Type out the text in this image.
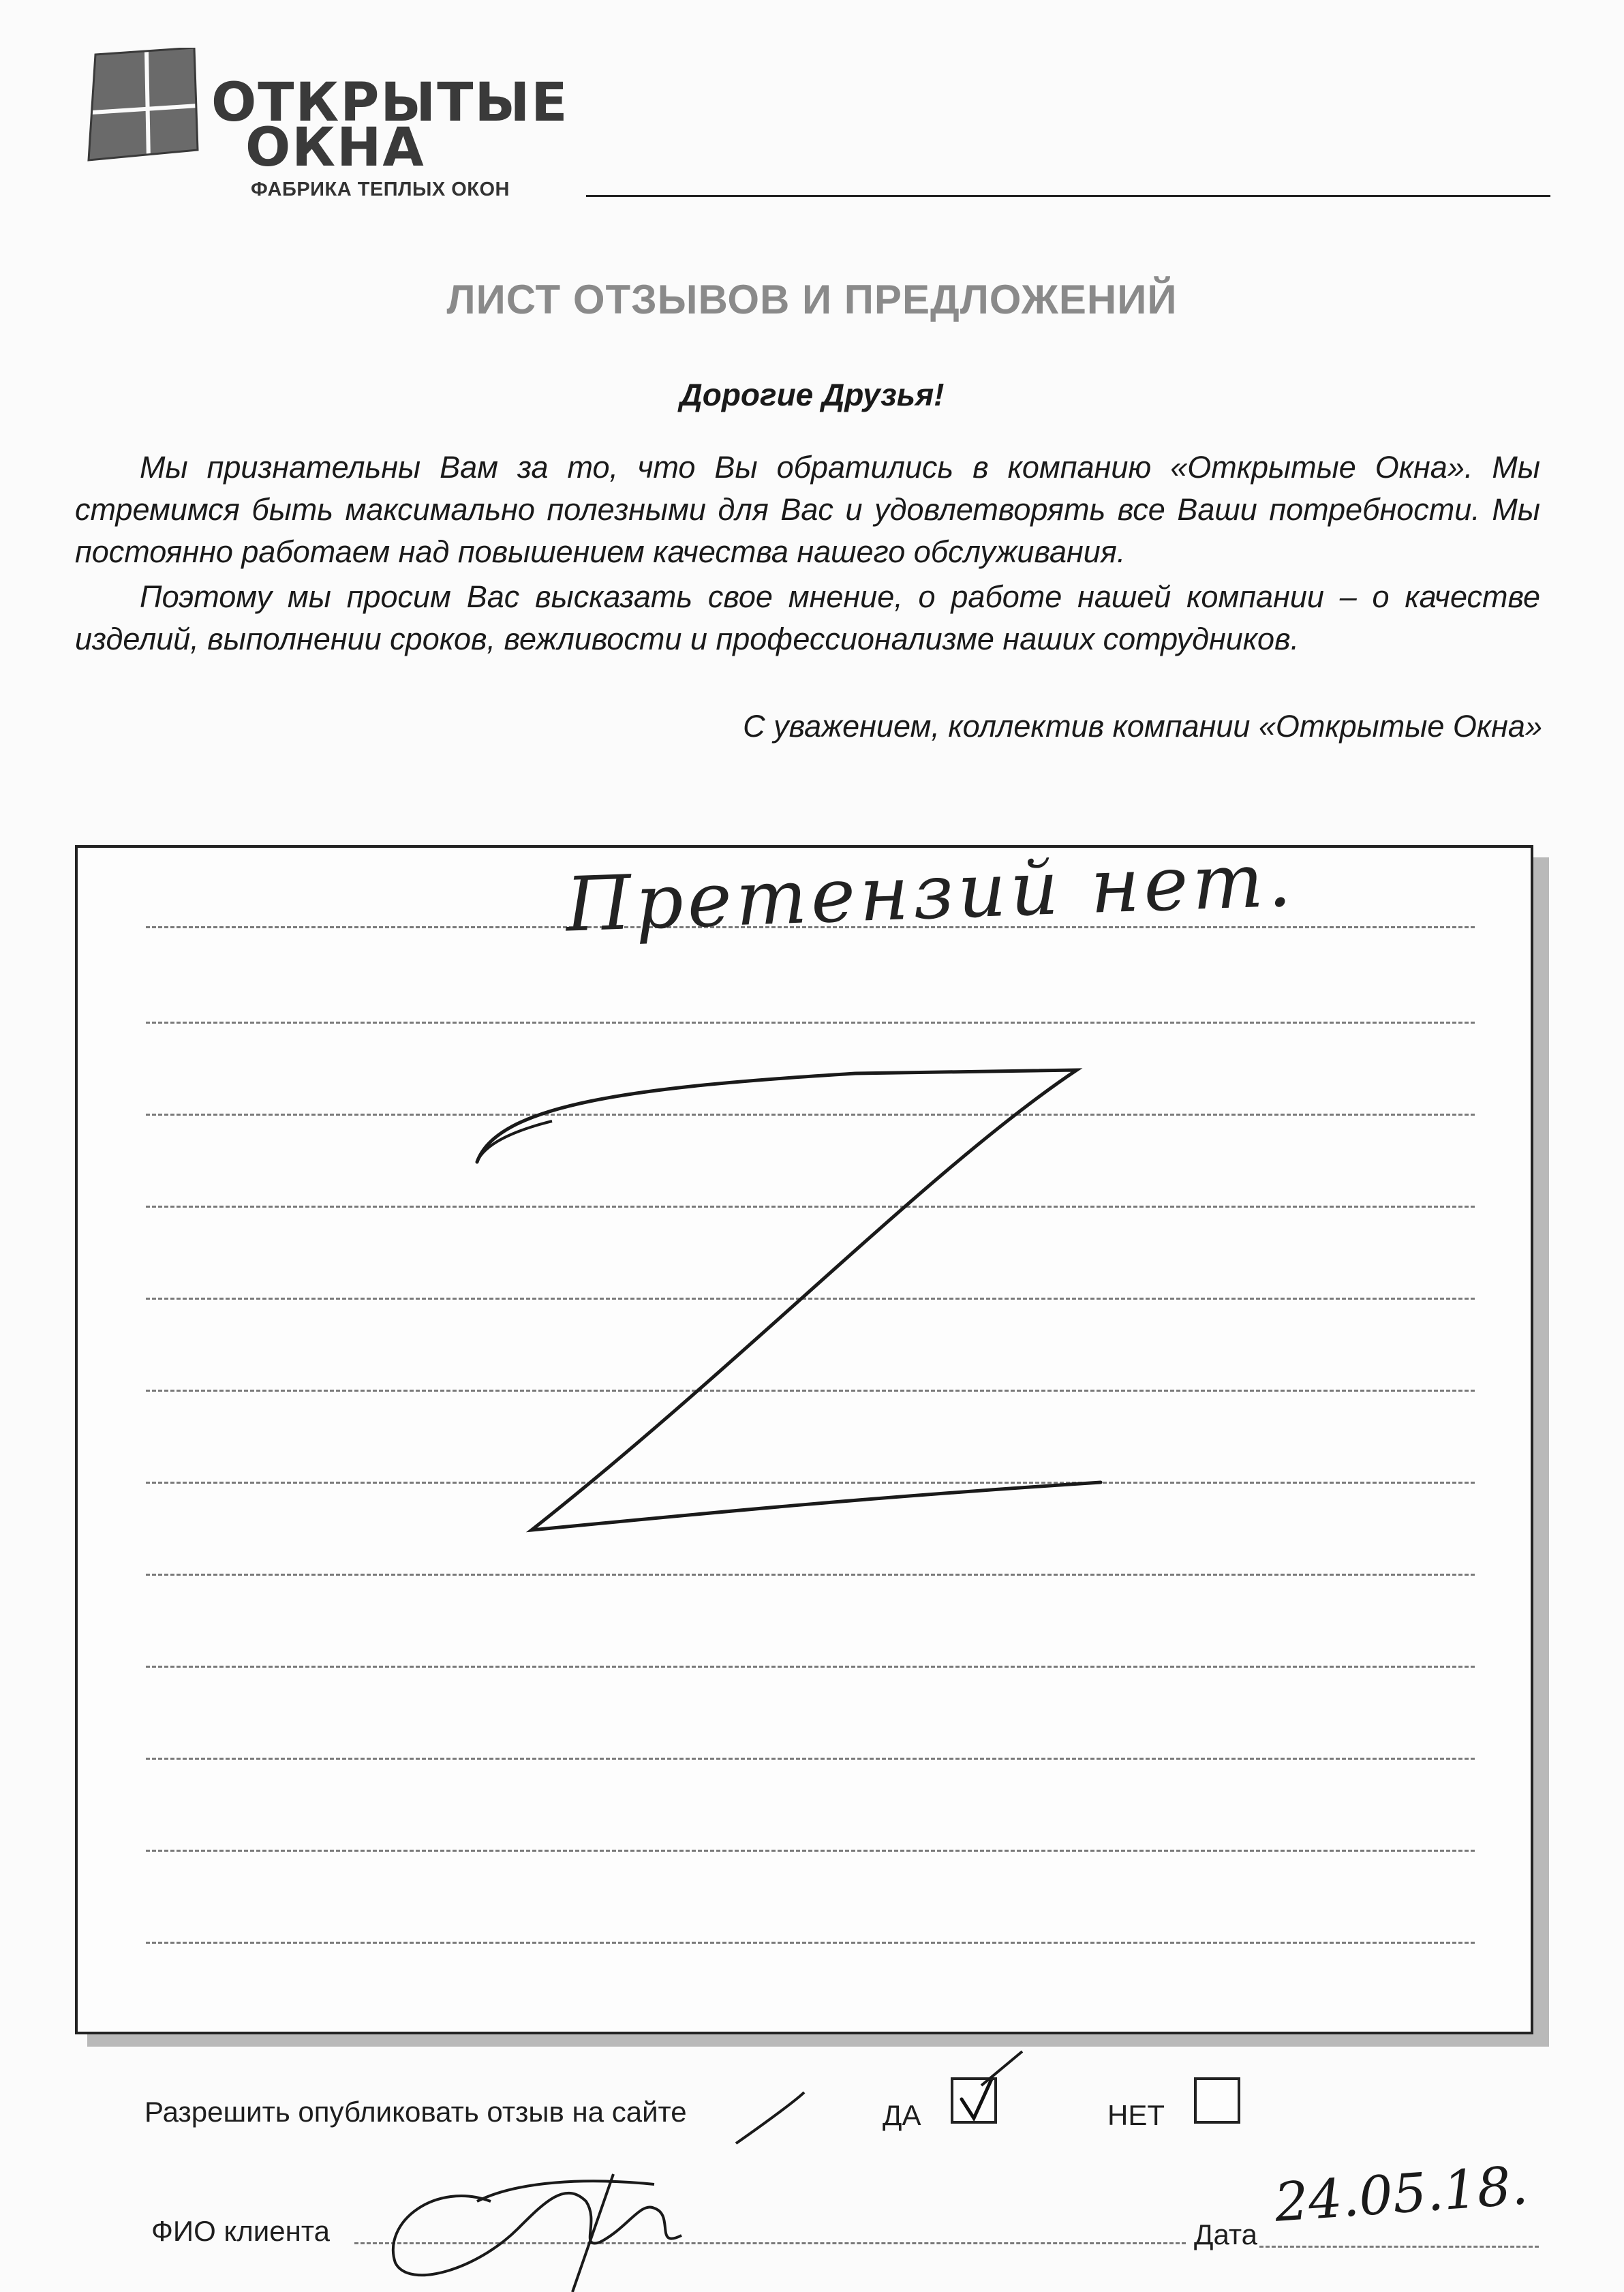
ОТКРЫТЫЕ
ОКНА
ФАБРИКА ТЕПЛЫХ ОКОН
ЛИСТ ОТЗЫВОВ И ПРЕДЛОЖЕНИЙ
Дорогие Друзья!
Мы признательны Вам за то, что Вы обратились в компанию «Открытые Окна». Мы стремимся быть максимально полезными для Вас и удовлетворять все Ваши потребности. Мы постоянно работаем над повышением качества нашего обслуживания.
Поэтому мы просим Вас высказать свое мнение, о работе нашей компании – о качестве изделий, выполнении сроков, вежливости и профессионализме наших сотрудников.
С уважением, коллектив компании «Открытые Окна»
Претензий нет.
Разрешить опубликовать отзыв на сайте	ДА	НЕТ
ФИО клиента	Дата
24.05.18.
